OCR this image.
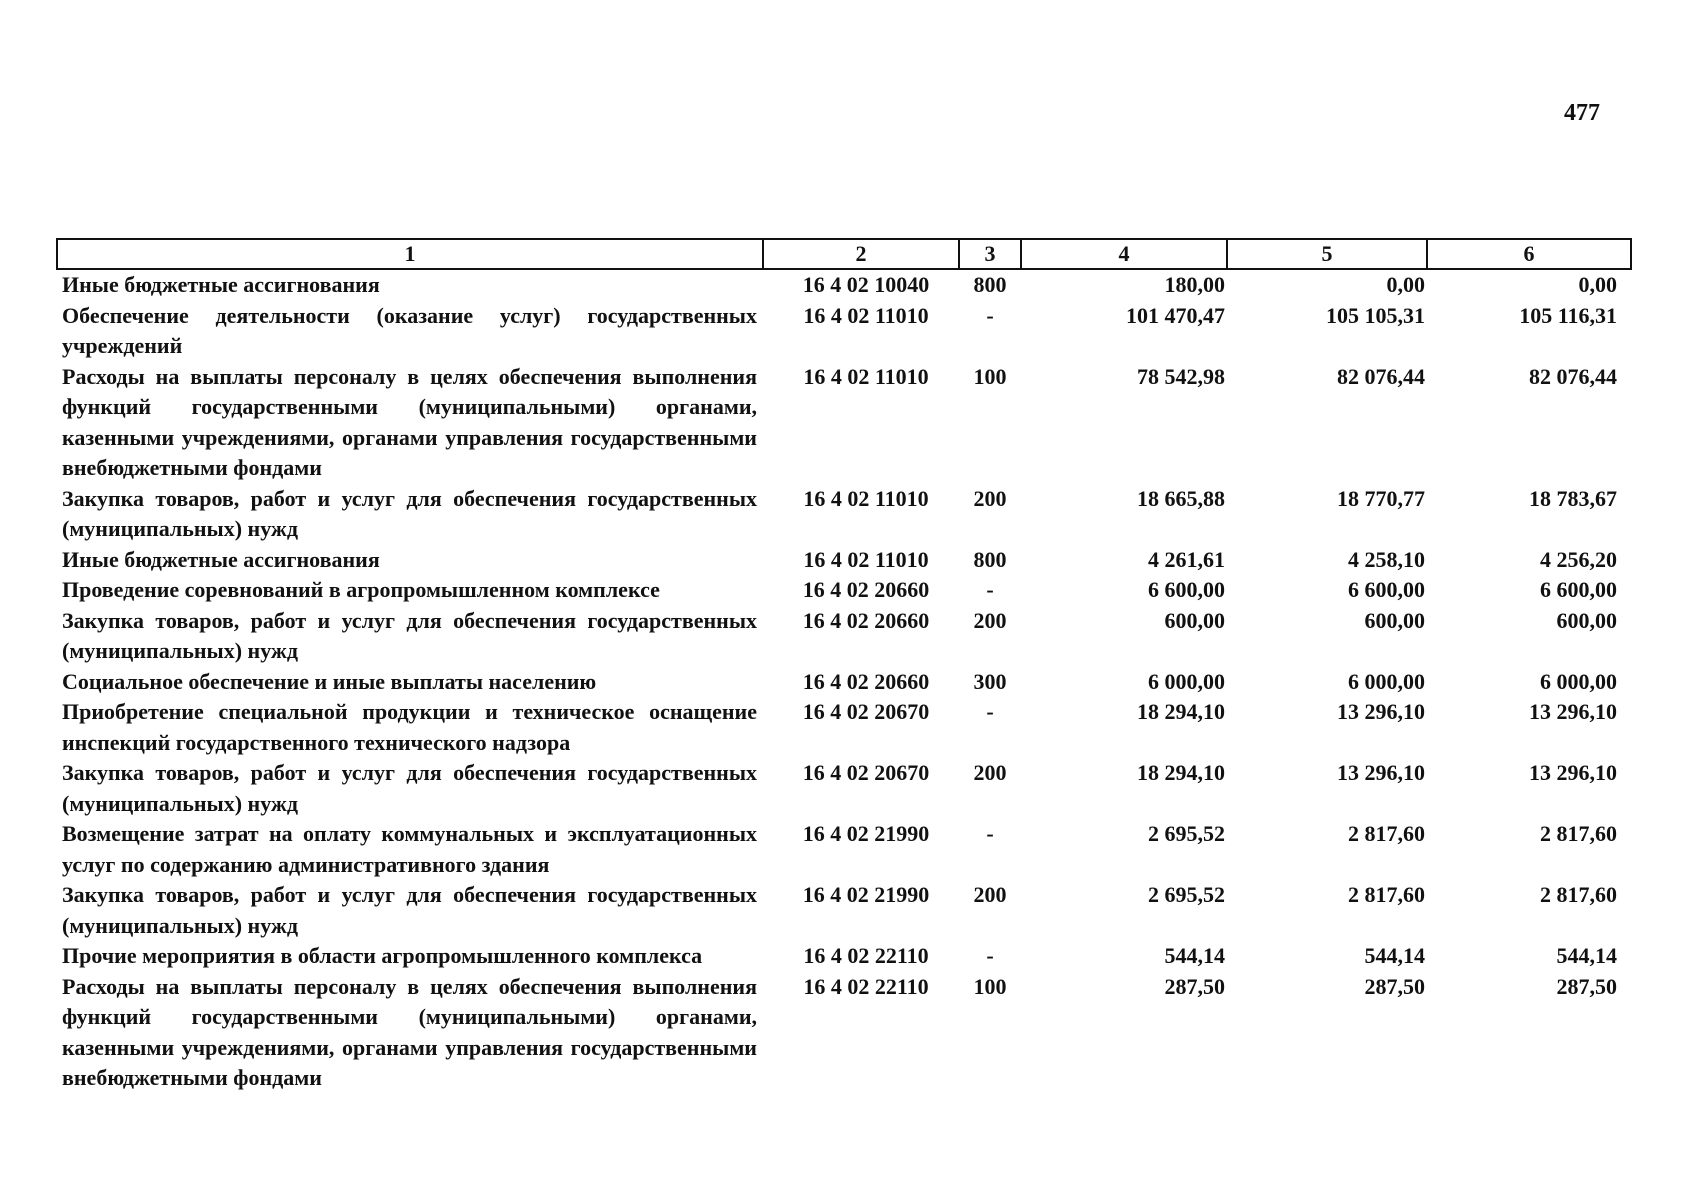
477
1	2	3	4	5	6
Иные бюджетные ассигнования	16 4 02 10040	800	180,00	0,00	0,00
Обеспечение деятельности (оказание услуг) государственных учреждений	16 4 02 11010	-	101 470,47	105 105,31	105 116,31
Расходы на выплаты персоналу в целях обеспечения выполнения функций государственными (муниципальными) органами, казенными учреждениями, органами управления государственными внебюджетными фондами	16 4 02 11010	100	78 542,98	82 076,44	82 076,44
Закупка товаров, работ и услуг для обеспечения государственных (муниципальных) нужд	16 4 02 11010	200	18 665,88	18 770,77	18 783,67
Иные бюджетные ассигнования	16 4 02 11010	800	4 261,61	4 258,10	4 256,20
Проведение соревнований в агропромышленном комплексе	16 4 02 20660	-	6 600,00	6 600,00	6 600,00
Закупка товаров, работ и услуг для обеспечения государственных (муниципальных) нужд	16 4 02 20660	200	600,00	600,00	600,00
Социальное обеспечение и иные выплаты населению	16 4 02 20660	300	6 000,00	6 000,00	6 000,00
Приобретение специальной продукции и техническое оснащение инспекций государственного технического надзора	16 4 02 20670	-	18 294,10	13 296,10	13 296,10
Закупка товаров, работ и услуг для обеспечения государственных (муниципальных) нужд	16 4 02 20670	200	18 294,10	13 296,10	13 296,10
Возмещение затрат на оплату коммунальных и эксплуатационных услуг по содержанию административного здания	16 4 02 21990	-	2 695,52	2 817,60	2 817,60
Закупка товаров, работ и услуг для обеспечения государственных (муниципальных) нужд	16 4 02 21990	200	2 695,52	2 817,60	2 817,60
Прочие мероприятия в области агропромышленного комплекса	16 4 02 22110	-	544,14	544,14	544,14
Расходы на выплаты персоналу в целях обеспечения выполнения функций государственными (муниципальными) органами, казенными учреждениями, органами управления государственными внебюджетными фондами	16 4 02 22110	100	287,50	287,50	287,50
